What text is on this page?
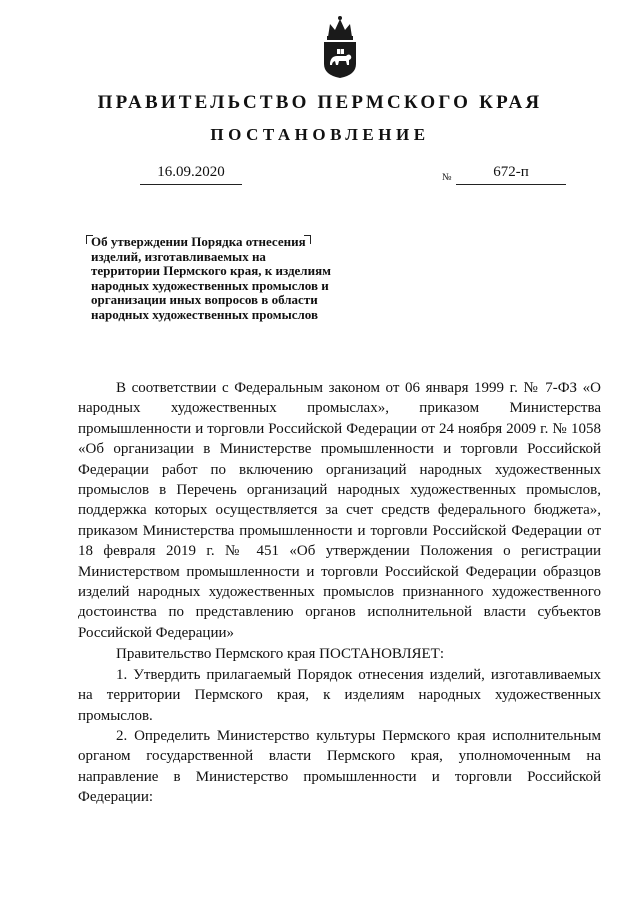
ПРАВИТЕЛЬСТВО ПЕРМСКОГО КРАЯ
ПОСТАНОВЛЕНИЕ
16.09.2020	№	672-п
Об утверждении Порядка отнесения изделий, изготавливаемых на территории Пермского края, к изделиям народных художественных промыслов и организации иных вопросов в области народных художественных промыслов

В соответствии с Федеральным законом от 06 января 1999 г. № 7-ФЗ «О народных художественных промыслах», приказом Министерства промышленности и торговли Российской Федерации от 24 ноября 2009 г. № 1058 «Об организации в Министерстве промышленности и торговли Российской Федерации работ по включению организаций народных художественных промыслов в Перечень организаций народных художественных промыслов, поддержка которых осуществляется за счет средств федерального бюджета», приказом Министерства промышленности и торговли Российской Федерации от 18 февраля 2019 г. № 451 «Об утверждении Положения о регистрации Министерством промышленности и торговли Российской Федерации образцов изделий народных художественных промыслов признанного художественного достоинства по представлению органов исполнительной власти субъектов Российской Федерации»

Правительство Пермского края ПОСТАНОВЛЯЕТ:

1. Утвердить прилагаемый Порядок отнесения изделий, изготавливаемых на территории Пермского края, к изделиям народных художественных промыслов.

2. Определить Министерство культуры Пермского края исполнительным органом государственной власти Пермского края, уполномоченным на направление в Министерство промышленности и торговли Российской Федерации:
